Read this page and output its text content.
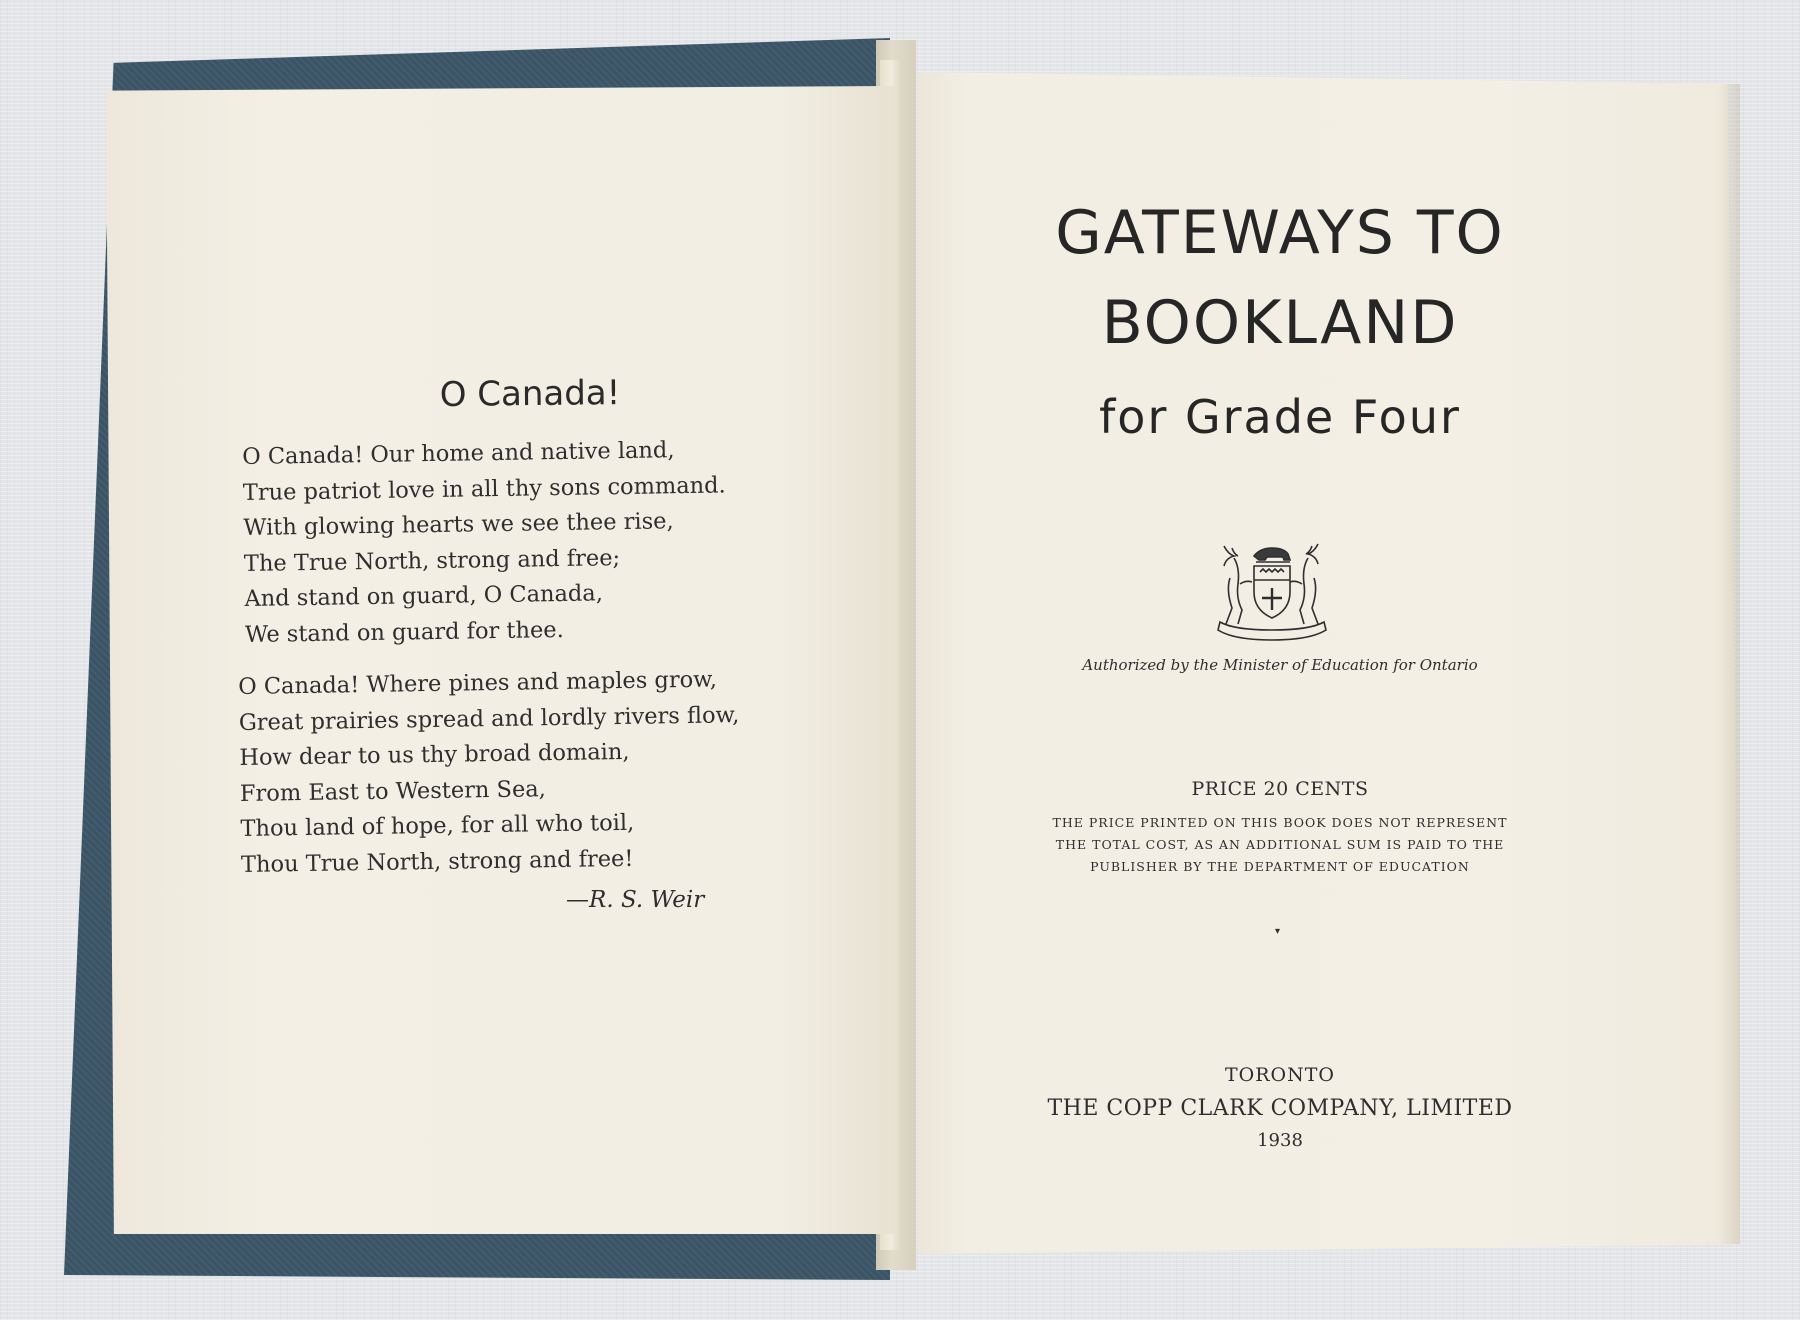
O Canada!
O Canada! Our home and native land,
True patriot love in all thy sons command.
With glowing hearts we see thee rise,
The True North, strong and free;
And stand on guard, O Canada,
We stand on guard for thee.
O Canada! Where pines and maples grow,
Great prairies spread and lordly rivers flow,
How dear to us thy broad domain,
From East to Western Sea,
Thou land of hope, for all who toil,
Thou True North, strong and free!

—R. S. Weir

GATEWAYS TO
BOOKLAND

for Grade Four

Authorized by the Minister of Education for Ontario

PRICE 20 CENTS

THE PRICE PRINTED ON THIS BOOK DOES NOT REPRESENT
THE TOTAL COST, AS AN ADDITIONAL SUM IS PAID TO THE
PUBLISHER BY THE DEPARTMENT OF EDUCATION
▾

TORONTO

THE COPP CLARK COMPANY, LIMITED

1938
